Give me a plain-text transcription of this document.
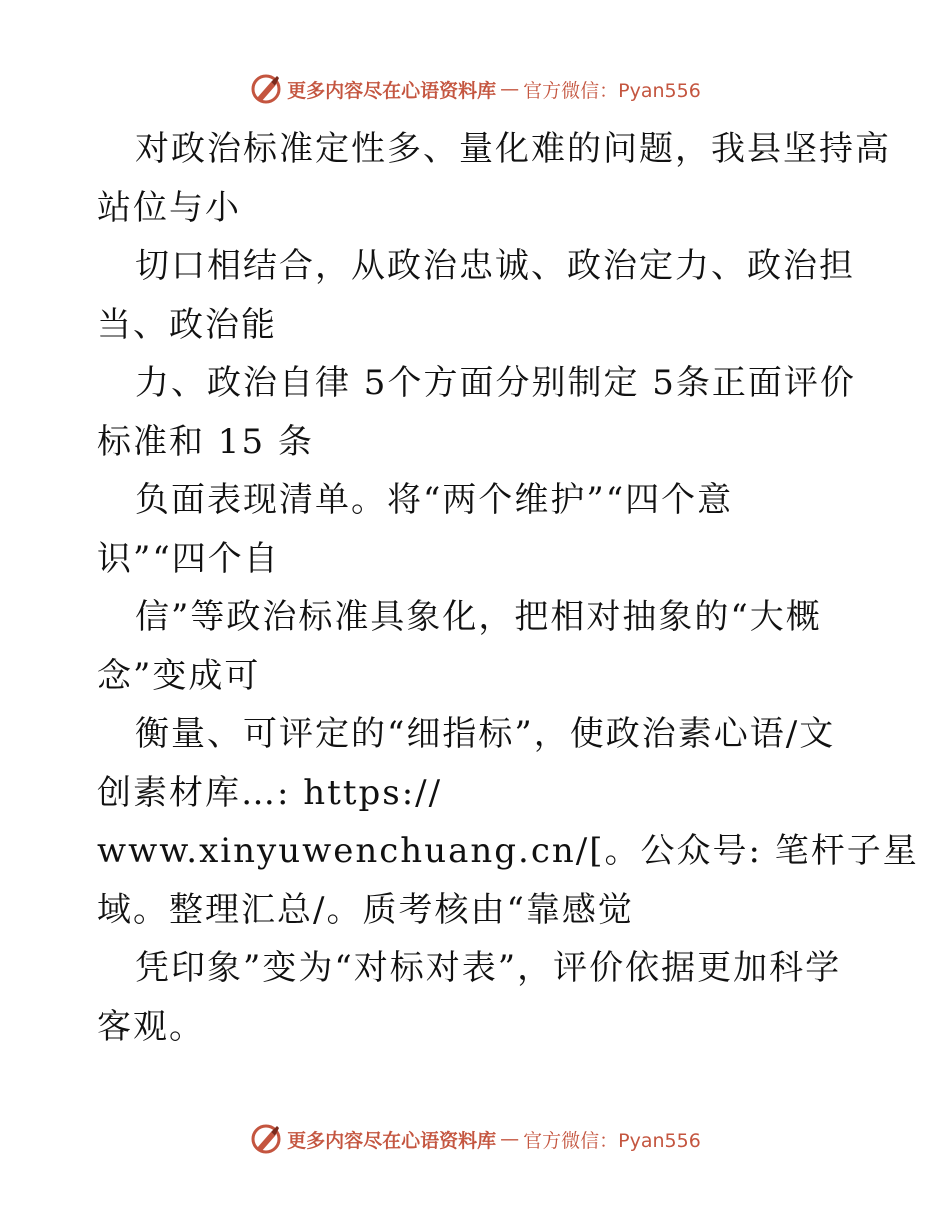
更多内容尽在心语资料库 — 官方微信：Pyan556
对政治标准定性多、量化难的问题，我县坚持高
站位与小
切口相结合，从政治忠诚、政治定力、政治担
当、政治能
力、政治自律 5个方面分别制定 5条正面评价
标准和 15 条
负面表现清单。将“两个维护”“四个意
识”“四个自
信”等政治标准具象化，把相对抽象的“大概
念”变成可
衡量、可评定的“细指标”，使政治素心语/文
创素材库…: https://
www.xinyuwenchuang.cn/[。公众号: 笔杆子星
域。整理汇总/。质考核由“靠感觉
凭印象”变为“对标对表”，评价依据更加科学
客观。
更多内容尽在心语资料库 — 官方微信：Pyan556
